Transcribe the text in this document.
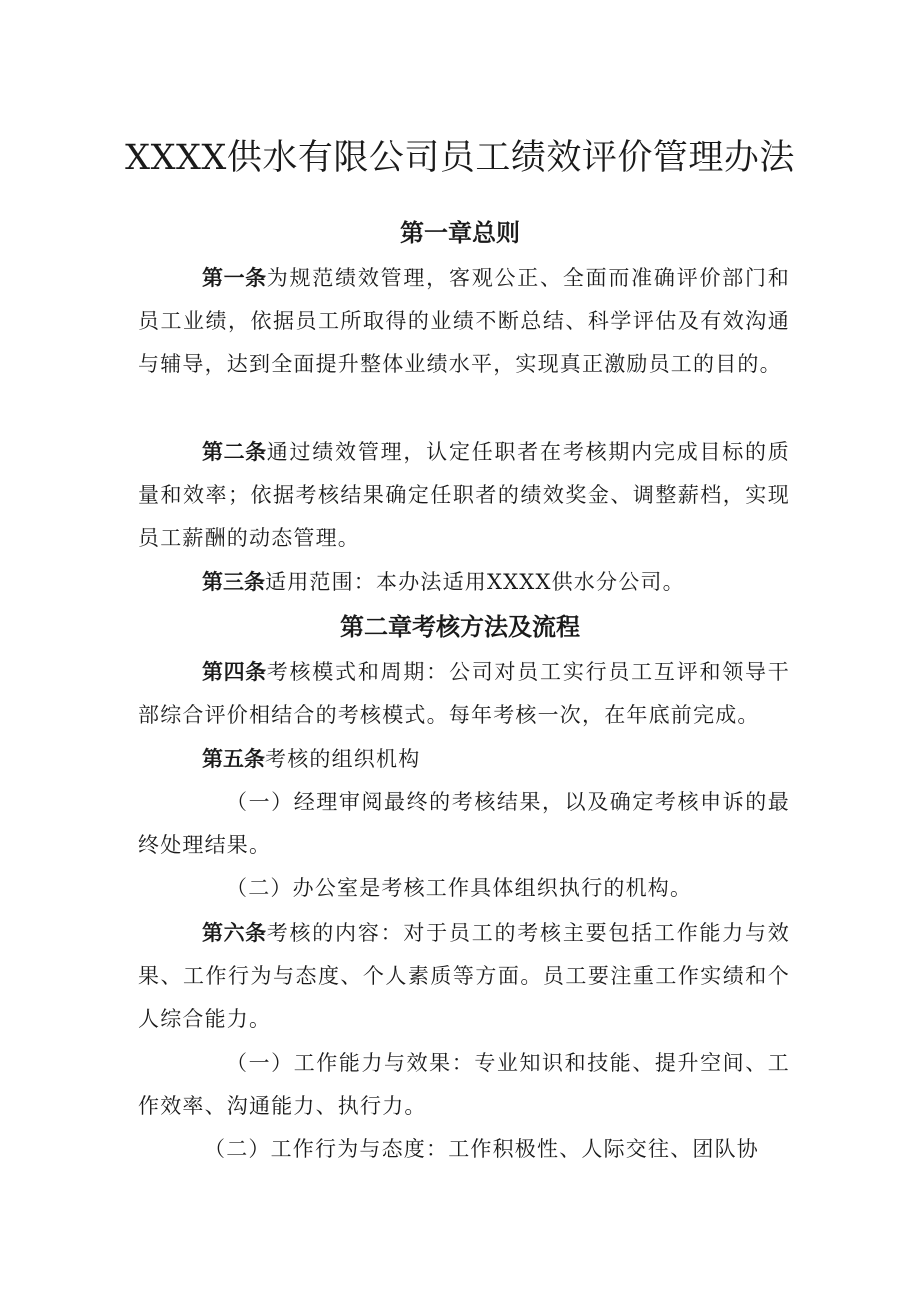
XXXX供水有限公司员工绩效评价管理办法
第一章总则

第一条为规范绩效管理，客观公正、全面而准确评价部门和员工业绩，依据员工所取得的业绩不断总结、科学评估及有效沟通与辅导，达到全面提升整体业绩水平，实现真正激励员工的目的。

第二条通过绩效管理，认定任职者在考核期内完成目标的质量和效率；依据考核结果确定任职者的绩效奖金、调整薪档，实现员工薪酬的动态管理。

第三条适用范围：本办法适用XXXX供水分公司。

第二章考核方法及流程

第四条考核模式和周期：公司对员工实行员工互评和领导干部综合评价相结合的考核模式。每年考核一次，在年底前完成。

第五条考核的组织机构

（一）经理审阅最终的考核结果，以及确定考核申诉的最终处理结果。

（二）办公室是考核工作具体组织执行的机构。

第六条考核的内容：对于员工的考核主要包括工作能力与效果、工作行为与态度、个人素质等方面。员工要注重工作实绩和个人综合能力。

（一）工作能力与效果：专业知识和技能、提升空间、工作效率、沟通能力、执行力。

（二）工作行为与态度：工作积极性、人际交往、团队协
